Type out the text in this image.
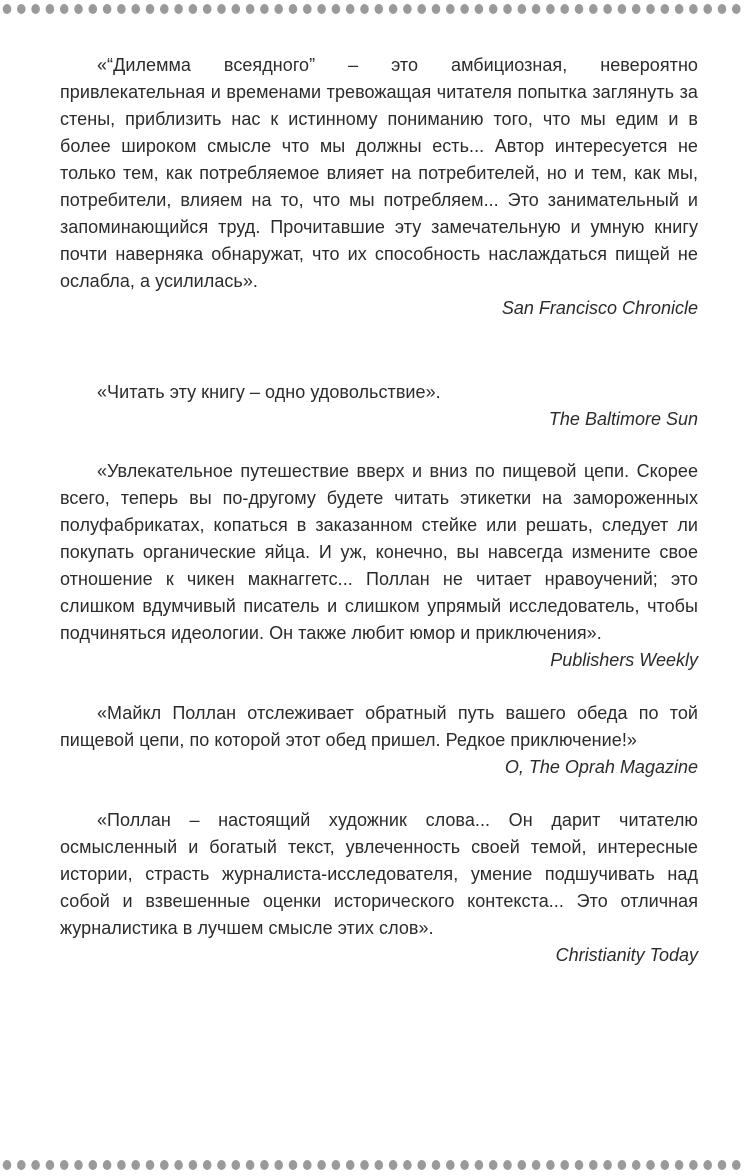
«“Дилемма всеядного” – это амбициозная, невероятно привлекательная и временами тревожащая читателя попытка заглянуть за стены, приблизить нас к истинному пониманию того, что мы едим и в более широком смысле что мы должны есть... Автор интересуется не только тем, как потребляемое влияет на потребителей, но и тем, как мы, потребители, влияем на то, что мы потребляем... Это занимательный и запоминающийся труд. Прочитавшие эту замечательную и умную книгу почти наверняка обнаружат, что их способность наслаждаться пищей не ослабла, а усилилась».

San Francisco Chronicle

«Читать эту книгу – одно удовольствие».

The Baltimore Sun

«Увлекательное путешествие вверх и вниз по пищевой цепи. Скорее всего, теперь вы по-другому будете читать этикетки на замороженных полуфабрикатах, копаться в заказанном стейке или решать, следует ли покупать органические яйца. И уж, конечно, вы навсегда измените свое отношение к чикен макнаггетс... Поллан не читает нравоучений; это слишком вдумчивый писатель и слишком упрямый исследователь, чтобы подчиняться идеологии. Он также любит юмор и приключения».

Publishers Weekly

«Майкл Поллан отслеживает обратный путь вашего обеда по той пищевой цепи, по которой этот обед пришел. Редкое приключение!»

O, The Oprah Magazine

«Поллан – настоящий художник слова... Он дарит читателю осмысленный и богатый текст, увлеченность своей темой, интересные истории, страсть журналиста-исследователя, умение подшучивать над собой и взвешенные оценки исторического контекста... Это отличная журналистика в лучшем смысле этих слов».

Christianity Today
